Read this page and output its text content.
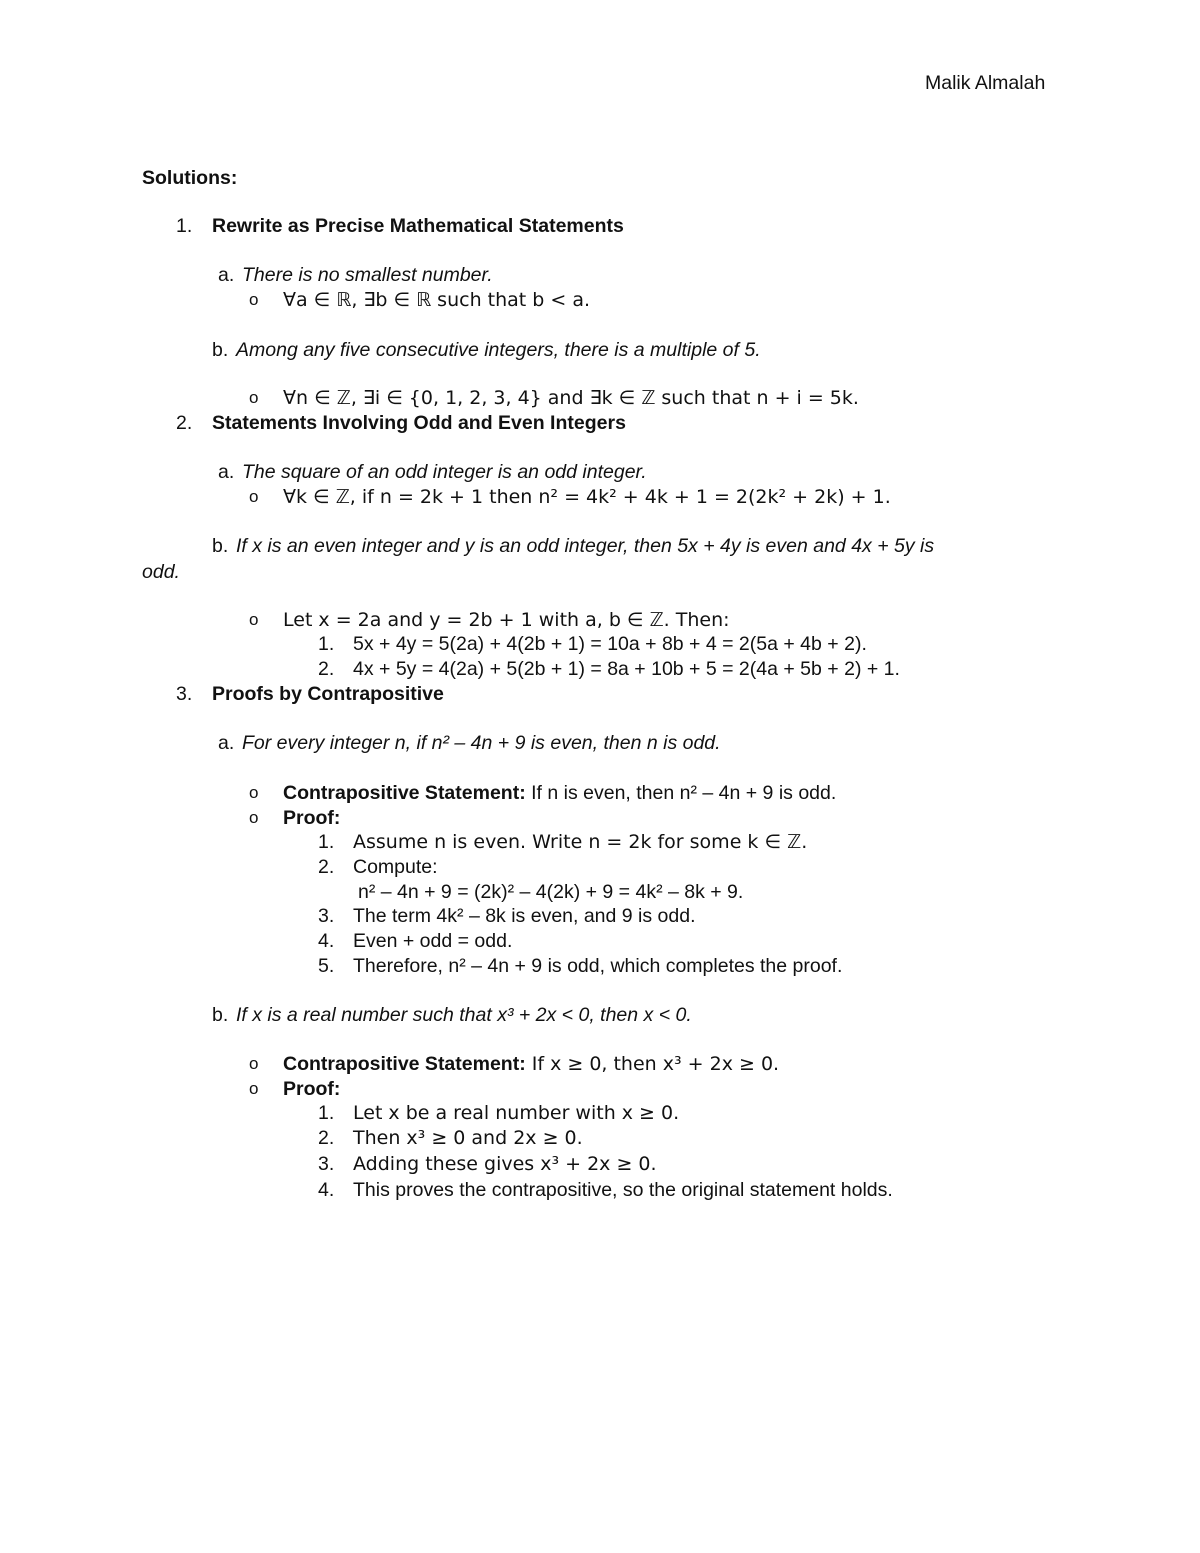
Malik Almalah
Solutions:
1. Rewrite as Precise Mathematical Statements
a. There is no smallest number.
o ∀a ∈ ℝ, ∃b ∈ ℝ such that b < a.
b. Among any five consecutive integers, there is a multiple of 5.
o ∀n ∈ ℤ, ∃i ∈ {0, 1, 2, 3, 4} and ∃k ∈ ℤ such that n + i = 5k.
2. Statements Involving Odd and Even Integers
a. The square of an odd integer is an odd integer.
o ∀k ∈ ℤ, if n = 2k + 1 then n² = 4k² + 4k + 1 = 2(2k² + 2k) + 1.
b. If x is an even integer and y is an odd integer, then 5x + 4y is even and 4x + 5y is
odd.
o Let x = 2a and y = 2b + 1 with a, b ∈ ℤ. Then:
1. 5x + 4y = 5(2a) + 4(2b + 1) = 10a + 8b + 4 = 2(5a + 4b + 2).
2. 4x + 5y = 4(2a) + 5(2b + 1) = 8a + 10b + 5 = 2(4a + 5b + 2) + 1.
3. Proofs by Contrapositive
a. For every integer n, if n² – 4n + 9 is even, then n is odd.
o Contrapositive Statement: If n is even, then n² – 4n + 9 is odd.
o Proof:
1. Assume n is even. Write n = 2k for some k ∈ ℤ.
2. Compute:
n² – 4n + 9 = (2k)² – 4(2k) + 9 = 4k² – 8k + 9.
3. The term 4k² – 8k is even, and 9 is odd.
4. Even + odd = odd.
5. Therefore, n² – 4n + 9 is odd, which completes the proof.
b. If x is a real number such that x³ + 2x < 0, then x < 0.
o Contrapositive Statement: If x ≥ 0, then x³ + 2x ≥ 0.
o Proof:
1. Let x be a real number with x ≥ 0.
2. Then x³ ≥ 0 and 2x ≥ 0.
3. Adding these gives x³ + 2x ≥ 0.
4. This proves the contrapositive, so the original statement holds.
